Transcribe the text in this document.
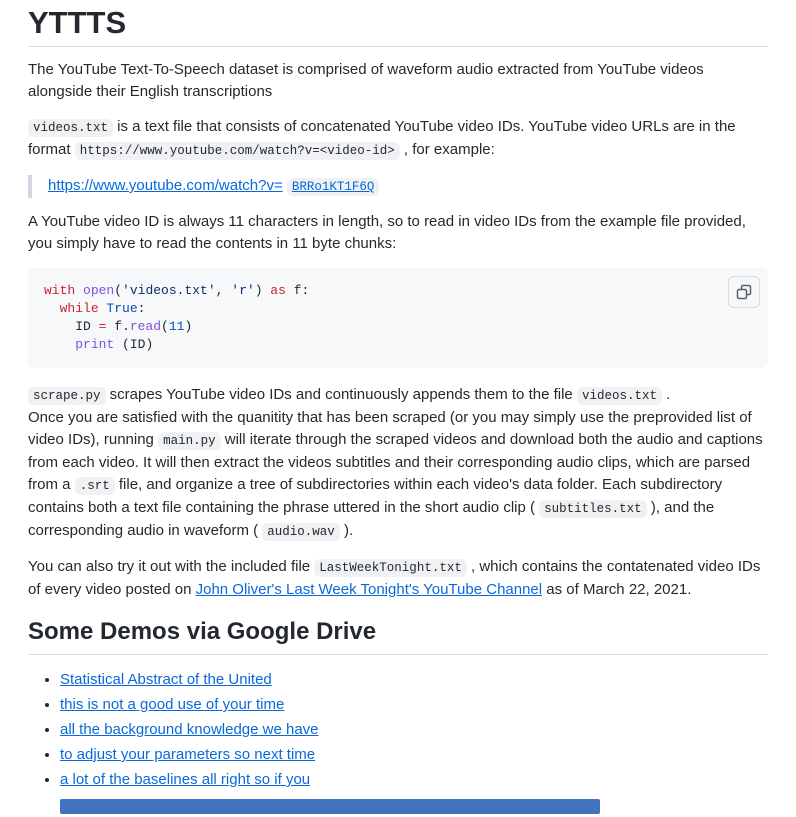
YTTTS

The YouTube Text-To-Speech dataset is comprised of waveform audio extracted from YouTube videos alongside their English transcriptions

videos.txt is a text file that consists of concatenated YouTube video IDs. YouTube video URLs are in the format https://www.youtube.com/watch?v=<video-id> , for example:

https://www.youtube.com/watch?v= BRRo1KT1F6Q

A YouTube video ID is always 11 characters in length, so to read in video IDs from the example file provided, you simply have to read the contents in 11 byte chunks:

with open('videos.txt', 'r') as f:
while True:
ID = f.read(11)
print (ID)

scrape.py scrapes YouTube video IDs and continuously appends them to the file videos.txt .
Once you are satisfied with the quanitity that has been scraped (or you may simply use the preprovided list of video IDs), running main.py will iterate through the scraped videos and download both the audio and captions from each video. It will then extract the videos subtitles and their corresponding audio clips, which are parsed from a .srt file, and organize a tree of subdirectories within each video's data folder. Each subdirectory contains both a text file containing the phrase uttered in the short audio clip ( subtitles.txt ), and the corresponding audio in waveform ( audio.wav ).

You can also try it out with the included file LastWeekTonight.txt , which contains the contatenated video IDs of every video posted on John Oliver's Last Week Tonight's YouTube Channel as of March 22, 2021.

Some Demos via Google Drive
• Statistical Abstract of the United
• this is not a good use of your time
• all the background knowledge we have
• to adjust your parameters so next time
• a lot of the baselines all right so if you
